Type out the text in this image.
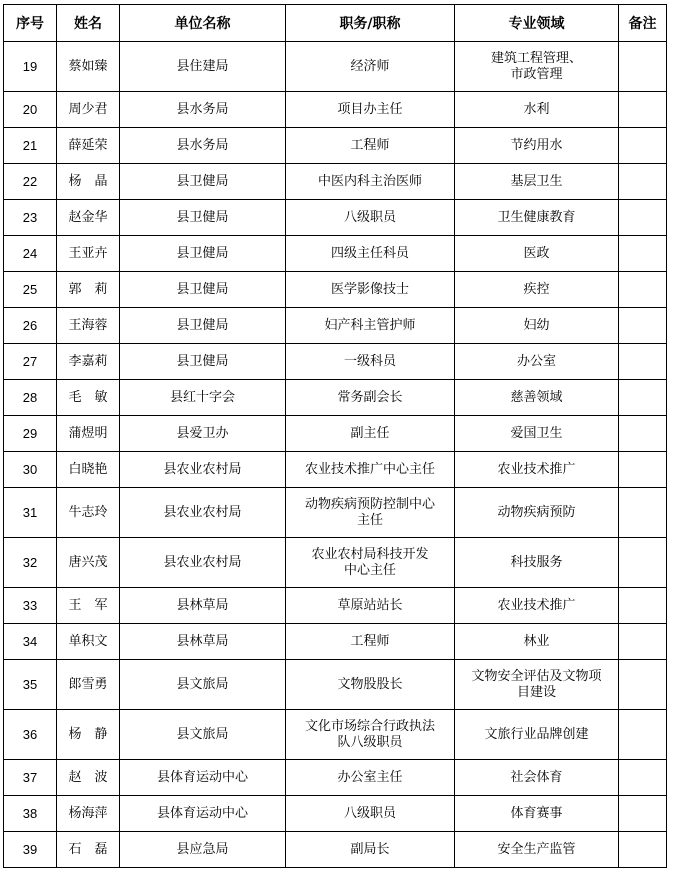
序号	姓名	单位名称	职务/职称	专业领域	备注
19	蔡如臻	县住建局	经济师	建筑工程管理、
市政管理	

20	周少君	县水务局	项目办主任	水利	

21	薛延荣	县水务局	工程师	节约用水	

22	杨　晶	县卫健局	中医内科主治医师	基层卫生	

23	赵金华	县卫健局	八级职员	卫生健康教育	

24	王亚卉	县卫健局	四级主任科员	医政	

25	郭　莉	县卫健局	医学影像技士	疾控	

26	王海蓉	县卫健局	妇产科主管护师	妇幼	

27	李嘉莉	县卫健局	一级科员	办公室	

28	毛　敏	县红十字会	常务副会长	慈善领域	

29	蒲煜明	县爱卫办	副主任	爱国卫生	

30	白晓艳	县农业农村局	农业技术推广中心主任	农业技术推广	

31	牛志玲	县农业农村局	动物疾病预防控制中心
主任	动物疾病预防	

32	唐兴茂	县农业农村局	农业农村局科技开发
中心主任	科技服务	

33	王　军	县林草局	草原站站长	农业技术推广	

34	单积文	县林草局	工程师	林业	

35	郎雪勇	县文旅局	文物股股长	文物安全评估及文物项
目建设	

36	杨　静	县文旅局	文化市场综合行政执法
队八级职员	文旅行业品牌创建	

37	赵　波	县体育运动中心	办公室主任	社会体育	

38	杨海萍	县体育运动中心	八级职员	体育赛事	

39	石　磊	县应急局	副局长	安全生产监管	
